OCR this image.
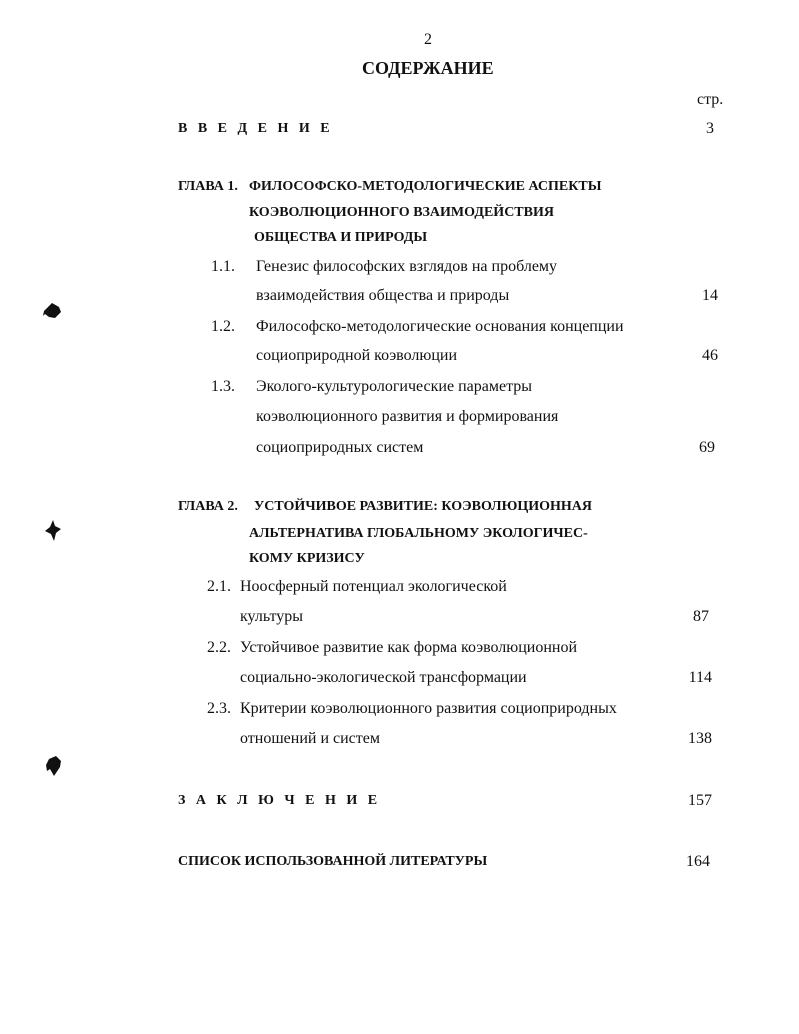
2
СОДЕРЖАНИЕ
стр.
В В Е Д Е Н И Е	3
ГЛАВА 1. ФИЛОСОФСКО-МЕТОДОЛОГИЧЕСКИЕ АСПЕКТЫ
КОЭВОЛЮЦИОННОГО ВЗАИМОДЕЙСТВИЯ
ОБЩЕСТВА И ПРИРОДЫ
1.1. Генезис философских взглядов на проблему
взаимодействия общества и природы	14
1.2. Философско-методологические основания концепции
социоприродной коэволюции	46
1.3. Эколого-культурологические параметры
коэволюционного развития и формирования
социоприродных систем	69
ГЛАВА 2. УСТОЙЧИВОЕ РАЗВИТИЕ: КОЭВОЛЮЦИОННАЯ
АЛЬТЕРНАТИВА ГЛОБАЛЬНОМУ ЭКОЛОГИЧЕС-
КОМУ КРИЗИСУ
2.1. Ноосферный потенциал экологической
культуры	87
2.2. Устойчивое развитие как форма коэволюционной
социально-экологической трансформации	114
2.3. Критерии коэволюционного развития социоприродных
отношений и систем	138
З А К Л Ю Ч Е Н И Е	157
СПИСОК ИСПОЛЬЗОВАННОЙ ЛИТЕРАТУРЫ	164
